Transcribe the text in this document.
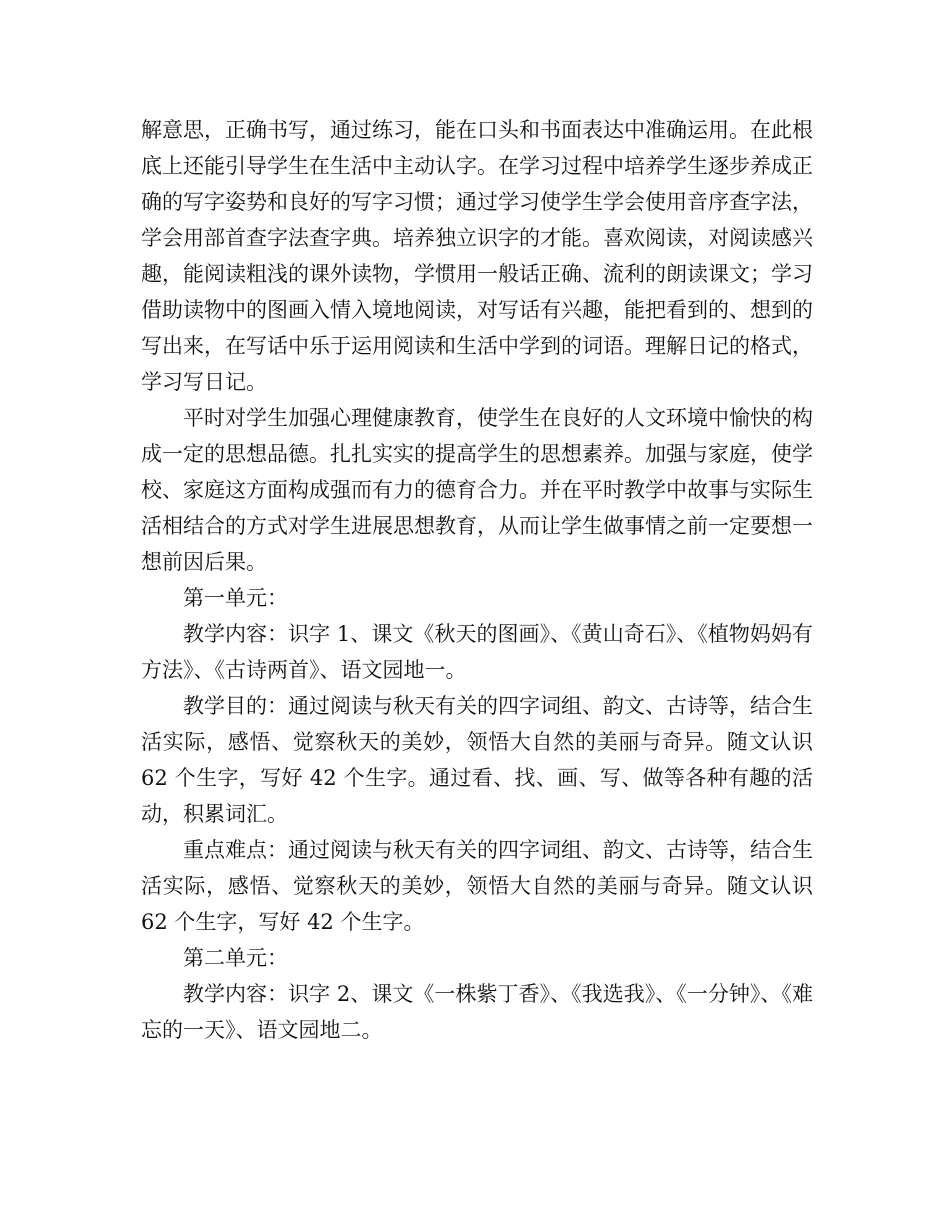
解意思，正确书写，通过练习，能在口头和书面表达中准确运用。在此根底上还能引导学生在生活中主动认字。在学习过程中培养学生逐步养成正确的写字姿势和良好的写字习惯；通过学习使学生学会使用音序查字法，学会用部首查字法查字典。培养独立识字的才能。喜欢阅读，对阅读感兴趣，能阅读粗浅的课外读物，学惯用一般话正确、流利的朗读课文；学习借助读物中的图画入情入境地阅读，对写话有兴趣，能把看到的、想到的写出来，在写话中乐于运用阅读和生活中学到的词语。理解日记的格式，学习写日记。

平时对学生加强心理健康教育，使学生在良好的人文环境中愉快的构成一定的思想品德。扎扎实实的提高学生的思想素养。加强与家庭，使学校、家庭这方面构成强而有力的德育合力。并在平时教学中故事与实际生活相结合的方式对学生进展思想教育，从而让学生做事情之前一定要想一想前因后果。

第一单元：

教学内容：识字 1、课文《秋天的图画》、《黄山奇石》、《植物妈妈有方法》、《古诗两首》、语文园地一。

教学目的：通过阅读与秋天有关的四字词组、韵文、古诗等，结合生活实际，感悟、觉察秋天的美妙，领悟大自然的美丽与奇异。随文认识 62 个生字，写好 42 个生字。通过看、找、画、写、做等各种有趣的活动，积累词汇。

重点难点：通过阅读与秋天有关的四字词组、韵文、古诗等，结合生活实际，感悟、觉察秋天的美妙，领悟大自然的美丽与奇异。随文认识 62 个生字，写好 42 个生字。

第二单元：

教学内容：识字 2、课文《一株紫丁香》、《我选我》、《一分钟》、《难忘的一天》、语文园地二。
